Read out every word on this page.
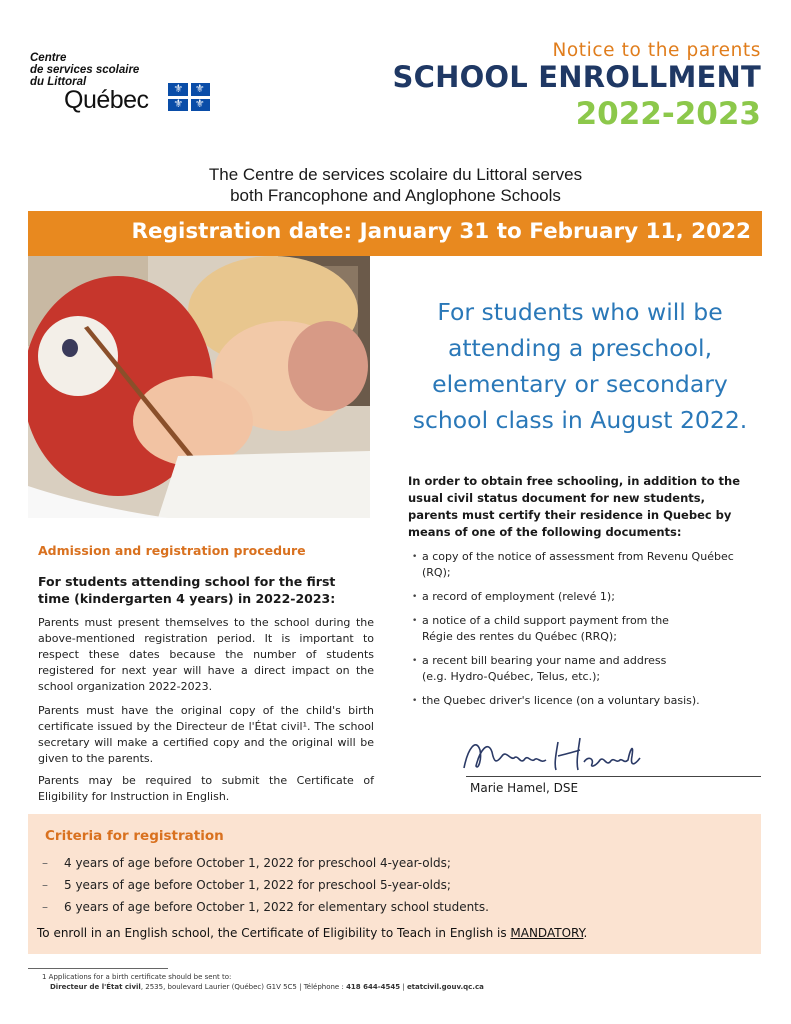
Centre
de services scolaire
du Littoral
Québec
⚜
⚜
⚜
⚜
Notice to the parents
SCHOOL ENROLLMENT
2022-2023
The Centre de services scolaire du Littoral serves
both Francophone and Anglophone Schools
Registration date: January 31 to February 11, 2022
For students who will be
attending a preschool,
elementary or secondary
school class in August 2022.
In order to obtain free schooling, in addition to the usual civil status document for new students, parents must certify their residence in Quebec by means of one of the following documents:
• a copy of the notice of assessment from Revenu Québec
(RQ);
• a record of employment (relevé 1);
• a notice of a child support payment from the
Régie des rentes du Québec (RRQ);
• a recent bill bearing your name and address
(e.g. Hydro-Québec, Telus, etc.);
• the Quebec driver's licence (on a voluntary basis).
Marie Hamel, DSE
Admission and registration procedure
For students attending school for the first time (kindergarten 4 years) in 2022-2023:
Parents must present themselves to the school during the above-mentioned registration period. It is important to respect these dates because the number of students registered for next year will have a direct impact on the school organization 2022-2023.
Parents must have the original copy of the child's birth certificate issued by the Directeur de l'État civil¹. The school secretary will make a certified copy and the original will be given to the parents.
Parents may be required to submit the Certificate of Eligibility for Instruction in English.
Criteria for registration
– 4 years of age before October 1, 2022 for preschool 4-year-olds;
– 5 years of age before October 1, 2022 for preschool 5-year-olds;
– 6 years of age before October 1, 2022 for elementary school students.
To enroll in an English school, the Certificate of Eligibility to Teach in English is MANDATORY.
1 Applications for a birth certificate should be sent to:
Directeur de l'État civil, 2535, boulevard Laurier (Québec) G1V 5C5 | Téléphone : 418 644-4545 | etatcivil.gouv.qc.ca
